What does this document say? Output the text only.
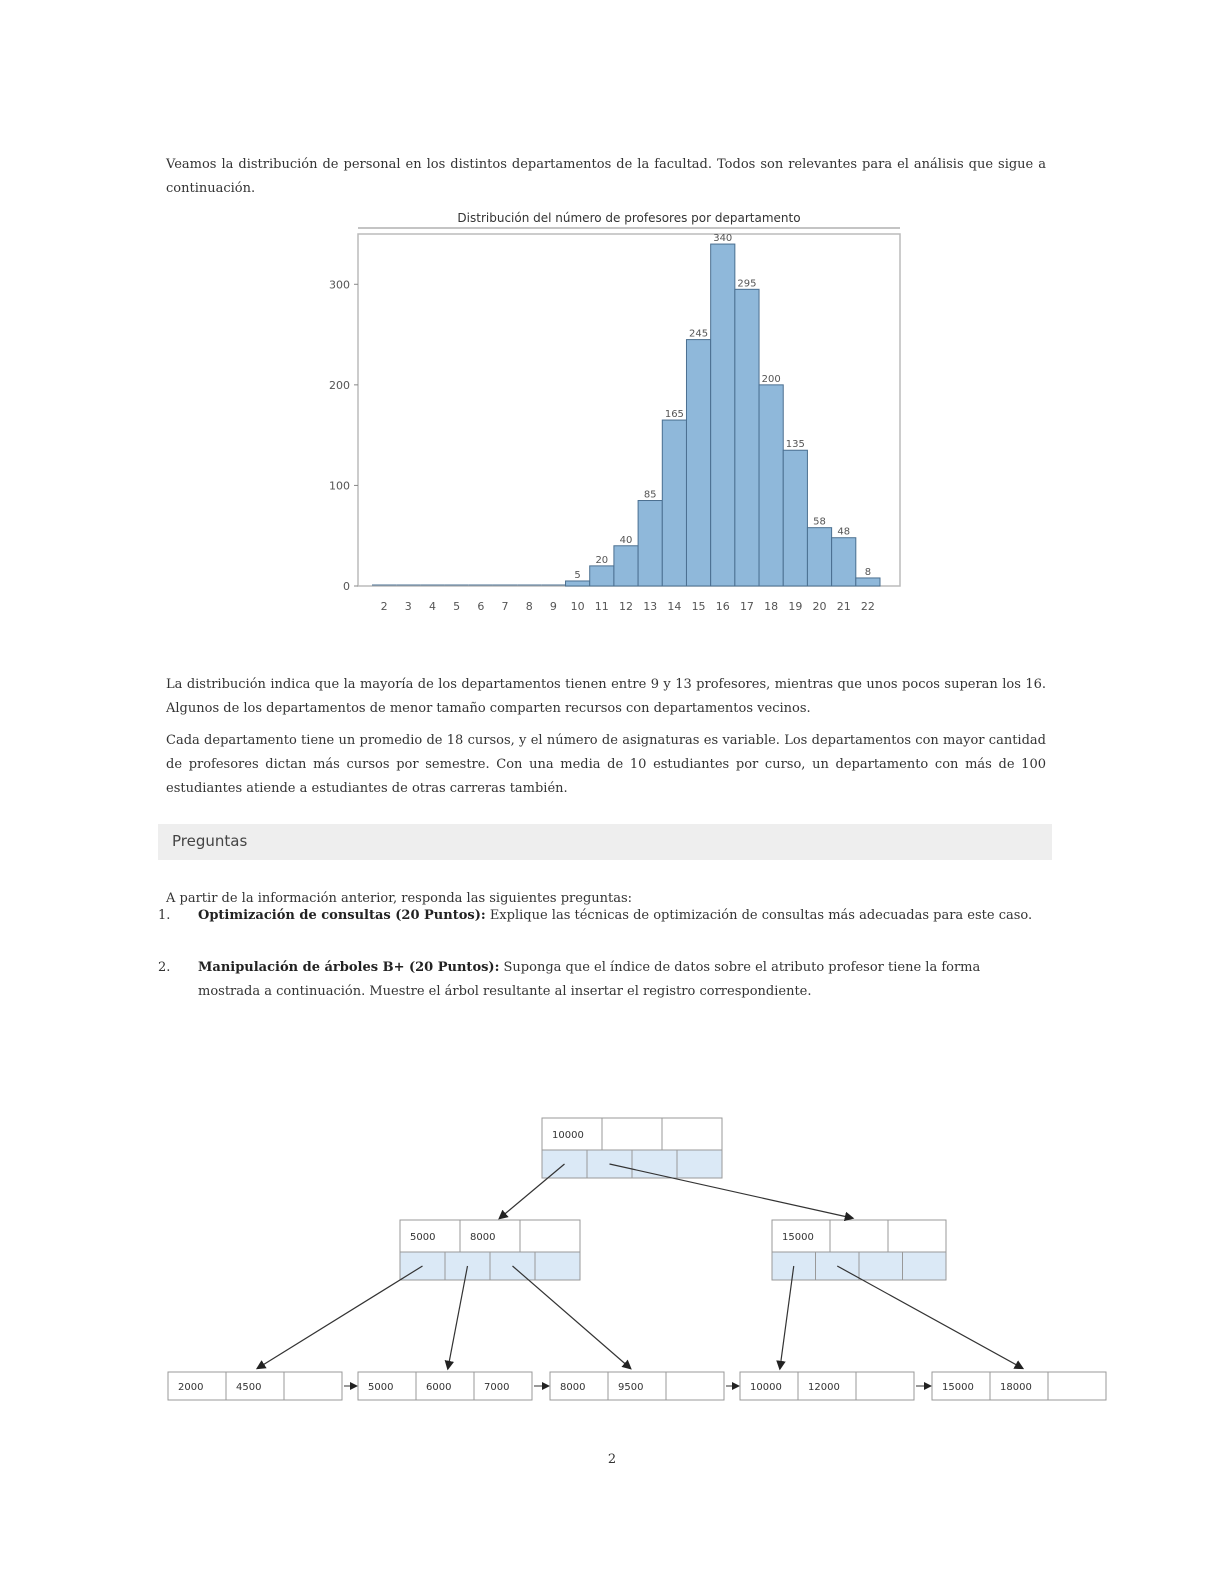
Veamos la distribución de personal en los distintos departamentos de la facultad. Todos son relevantes para el análisis que sigue a continuación.

Distribución del número de profesores por departamento
0
100
200
300
2 3 4 5 6 7 8 9
5
10
20
11
40
12
85
13
165
14
245
15
340
16
295
17
200
18
135
19
58
20
48
21
8
22

La distribución indica que la mayoría de los departamentos tienen entre 9 y 13 profesores, mientras que unos pocos superan los 16. Algunos de los departamentos de menor tamaño comparten recursos con departamentos vecinos.

Cada departamento tiene un promedio de 18 cursos, y el número de asignaturas es variable. Los departamentos con mayor cantidad de profesores dictan más cursos por semestre. Con una media de 10 estudiantes por curso, un departamento con más de 100 estudiantes atiende a estudiantes de otras carreras también.

Preguntas

A partir de la información anterior, responda las siguientes preguntas:

1. Optimización de consultas (20 Puntos): Explique las técnicas de optimización de consultas más adecuadas para este caso.
2. Manipulación de árboles B+ (20 Puntos): Suponga que el índice de datos sobre el atributo profesor tiene la forma mostrada a continuación. Muestre el árbol resultante al insertar el registro correspondiente.
10000
5000	8000	15000
2000	4500	5000	6000	7000	8000	9500	10000	12000	15000	18000
2
